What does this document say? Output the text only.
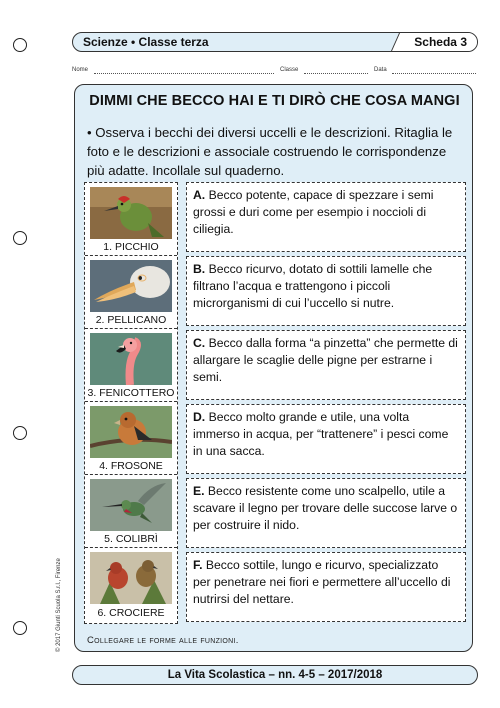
Scienze • Classe terza	Scheda 3
Nome	Classe	Data
DIMMI CHE BECCO HAI E TI DIRÒ CHE COSA MANGI
• Osserva i becchi dei diversi uccelli e le descrizioni. Ritaglia le foto e le descrizioni e associale costruendo le corrispondenze più adatte. Incollale sul quaderno.
1. PICCHIO
2. PELLICANO
3. FENICOTTERO
4. FROSONE
5. COLIBRÌ
6. CROCIERE
A. Becco potente, capace di spezzare i semi grossi e duri come per esempio i noccioli di ciliegia.
B. Becco ricurvo, dotato di sottili lamelle che filtrano l’acqua e trattengono i piccoli microrganismi di cui l’uccello si nutre.
C. Becco dalla forma “a pinzetta” che permette di allargare le scaglie delle pigne per estrarne i semi.
D. Becco molto grande e utile, una volta immerso in acqua, per “trattenere” i pesci come in una sacca.
E. Becco resistente come uno scalpello, utile a scavare il legno per trovare delle succose larve o per costruire il nido.
F. Becco sottile, lungo e ricurvo, specializzato per penetrare nei fiori e permettere all’uccello di nutrirsi del nettare.
Collegare le forme alle funzioni.
© 2017 Giunti Scuola S.r.l., Firenze
La Vita Scolastica – nn. 4-5 – 2017/2018
